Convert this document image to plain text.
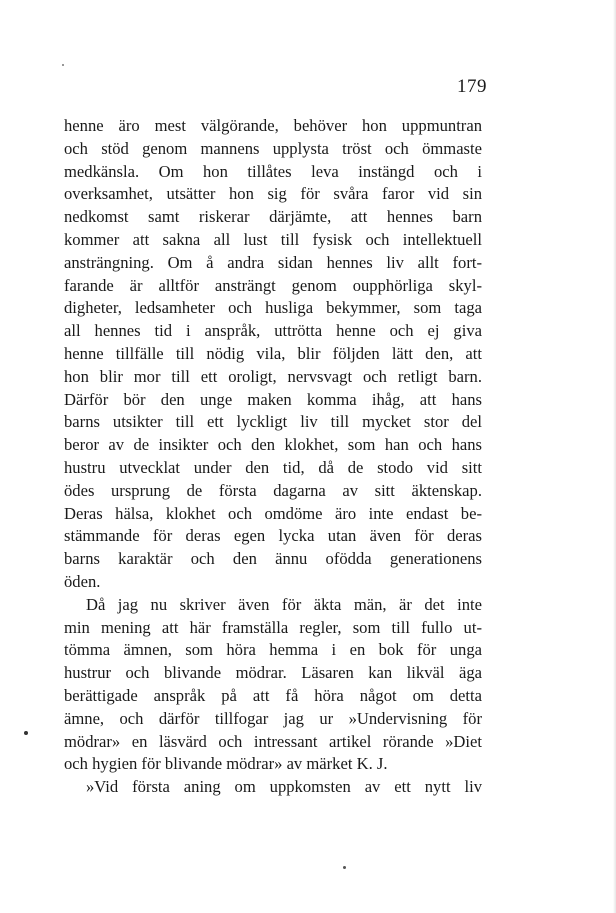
179
henne äro mest välgörande, behöver hon uppmuntran
och stöd genom mannens upplysta tröst och ömmaste
medkänsla. Om hon tillåtes leva instängd och i
overksamhet, utsätter hon sig för svåra faror vid sin
nedkomst samt riskerar därjämte, att hennes barn
kommer att sakna all lust till fysisk och intellektuell
ansträngning. Om å andra sidan hennes liv allt fort-
farande är alltför ansträngt genom oupphörliga skyl-
digheter, ledsamheter och husliga bekymmer, som taga
all hennes tid i anspråk, uttrötta henne och ej giva
henne tillfälle till nödig vila, blir följden lätt den, att
hon blir mor till ett oroligt, nervsvagt och retligt barn.
Därför bör den unge maken komma ihåg, att hans
barns utsikter till ett lyckligt liv till mycket stor del
beror av de insikter och den klokhet, som han och hans
hustru utvecklat under den tid, då de stodo vid sitt
ödes ursprung de första dagarna av sitt äktenskap.
Deras hälsa, klokhet och omdöme äro inte endast be-
stämmande för deras egen lycka utan även för deras
barns karaktär och den ännu ofödda generationens
öden.
Då jag nu skriver även för äkta män, är det inte
min mening att här framställa regler, som till fullo ut-
tömma ämnen, som höra hemma i en bok för unga
hustrur och blivande mödrar. Läsaren kan likväl äga
berättigade anspråk på att få höra något om detta
ämne, och därför tillfogar jag ur »Undervisning för
mödrar» en läsvärd och intressant artikel rörande »Diet
och hygien för blivande mödrar» av märket K. J.
»Vid första aning om uppkomsten av ett nytt liv
